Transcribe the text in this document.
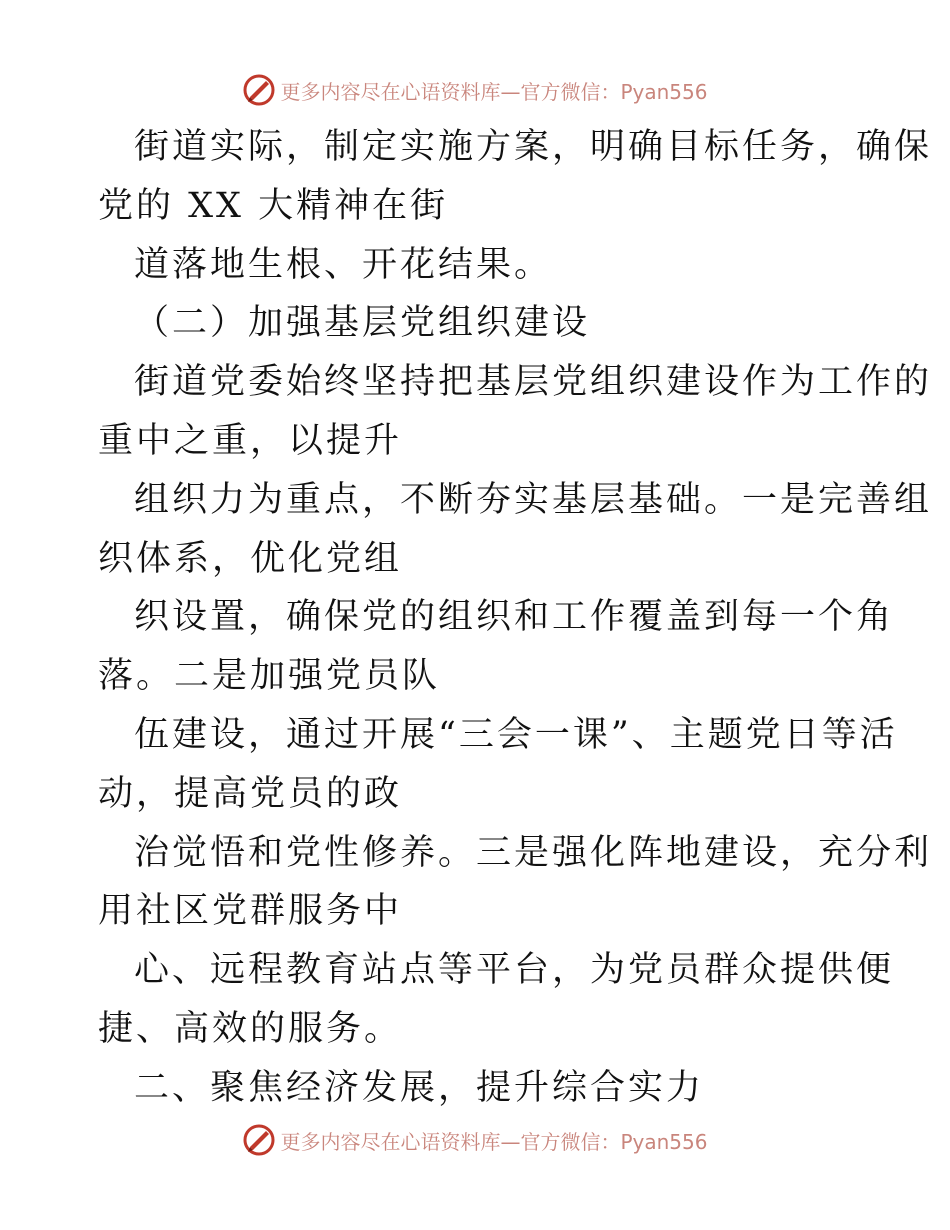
更多内容尽在心语资料库—官方微信：Pyan556
街道实际，制定实施方案，明确目标任务，确保
党的 XX 大精神在街
道落地生根、开花结果。
（二）加强基层党组织建设
街道党委始终坚持把基层党组织建设作为工作的
重中之重，以提升
组织力为重点，不断夯实基层基础。一是完善组
织体系，优化党组
织设置，确保党的组织和工作覆盖到每一个角
落。二是加强党员队
伍建设，通过开展“三会一课”、主题党日等活
动，提高党员的政
治觉悟和党性修养。三是强化阵地建设，充分利
用社区党群服务中
心、远程教育站点等平台，为党员群众提供便
捷、高效的服务。
二、聚焦经济发展，提升综合实力
更多内容尽在心语资料库—官方微信：Pyan556
